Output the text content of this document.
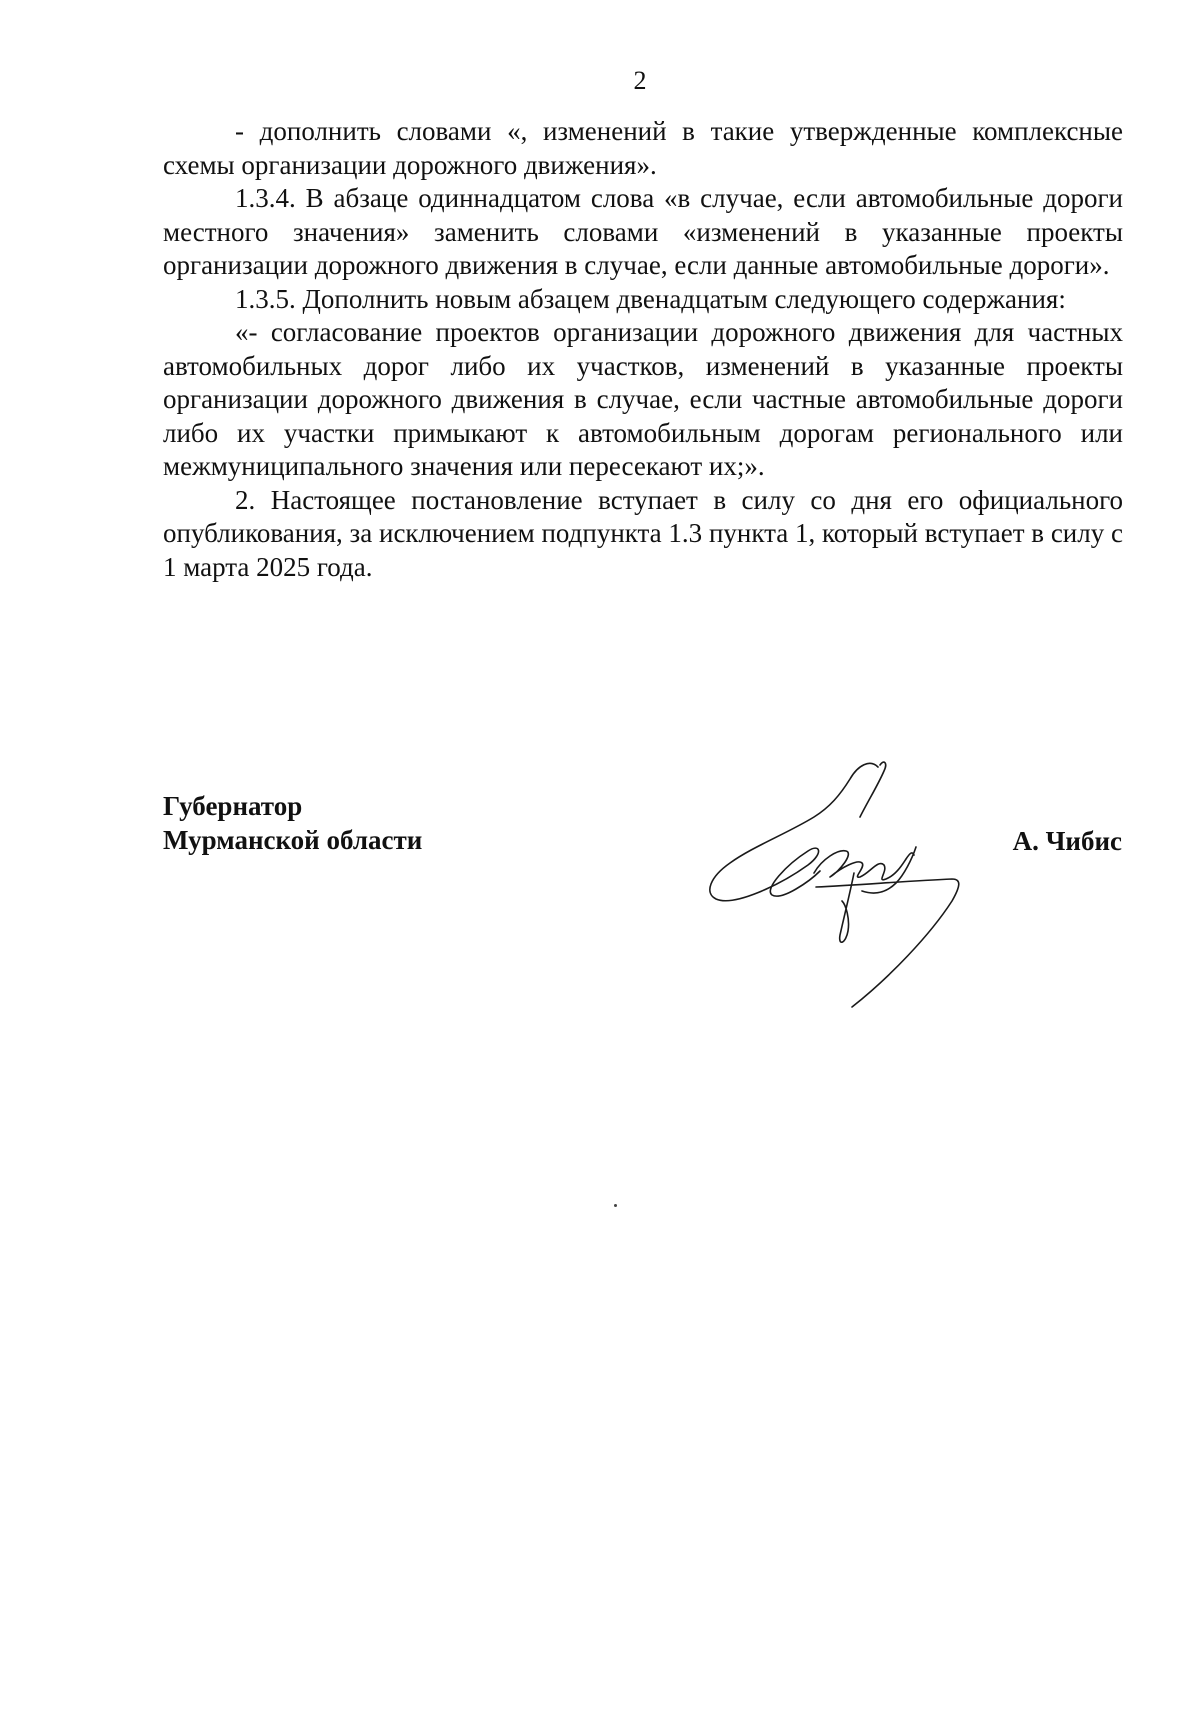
2

- дополнить словами «, изменений в такие утвержденные комплексные схемы организации дорожного движения».

1.3.4. В абзаце одиннадцатом слова «в случае, если автомобильные дороги местного значения» заменить словами «изменений в указанные проекты организации дорожного движения в случае, если данные автомобильные дороги».

1.3.5. Дополнить новым абзацем двенадцатым следующего содержания:

«- согласование проектов организации дорожного движения для частных автомобильных дорог либо их участков, изменений в указанные проекты организации дорожного движения в случае, если частные автомобильные дороги либо их участки примыкают к автомобильным дорогам регионального или межмуниципального значения или пересекают их;».

2. Настоящее постановление вступает в силу со дня его официального опубликования, за исключением подпункта 1.3 пункта 1, который вступает в силу с 1 марта 2025 года.

Губернатор
Мурманской области	А. Чибис
